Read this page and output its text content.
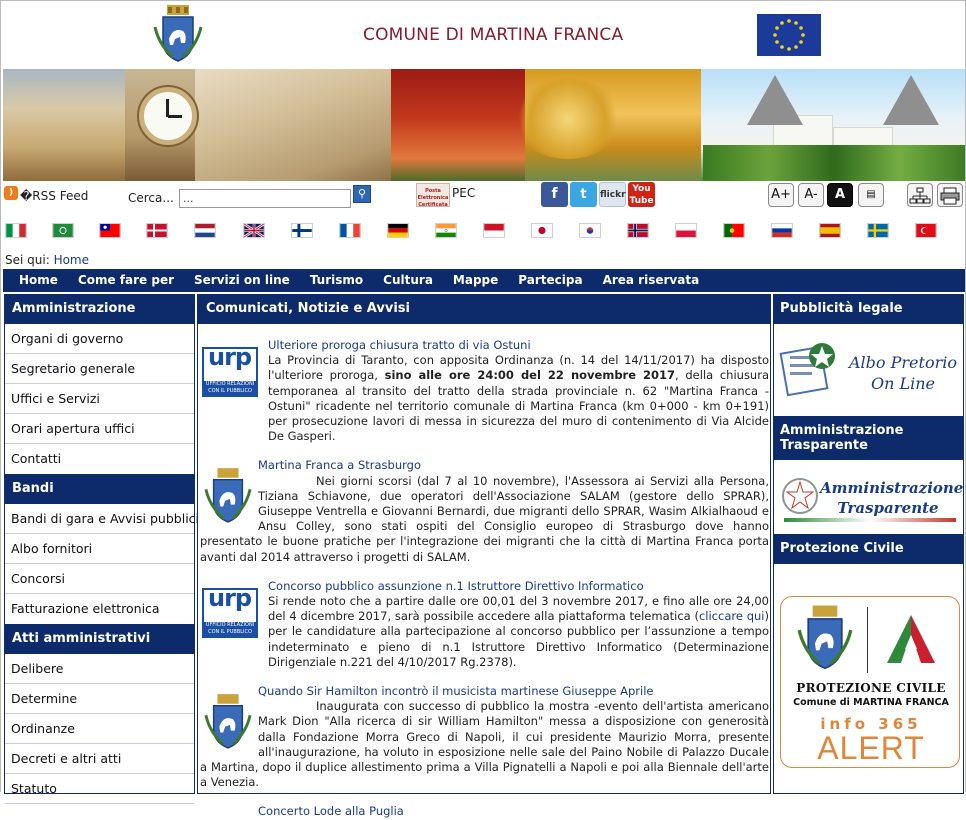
COMUNE DI MARTINA FRANCA
) �RSS Feed	Cerca...
...	⚲	Posta Elettronica Certificata
PEC	f	t	flickr
You Tube	A+	A-	A	▤
Sei qui: Home
Home	Come fare per	Servizi on line	Turismo	Cultura	Mappe	Partecipa	Area riservata
Amministrazione
Organi di governo
Segretario generale
Uffici e Servizi
Orari apertura uffici
Contatti
Bandi
Bandi di gara e Avvisi pubblici
Albo fornitori
Concorsi
Fatturazione elettronica
Atti amministrativi
Delibere
Determine
Ordinanze
Decreti e altri atti
Statuto
Comunicati, Notizie e Avvisi
urp
UFFICIO RELAZIONI CON IL PUBBLICO
Ulteriore proroga chiusura tratto di via Ostuni
La Provincia di Taranto, con apposita Ordinanza (n. 14 del 14/11/2017) ha disposto l'ulteriore proroga, sino alle ore 24:00 del 22 novembre 2017, della chiusura temporanea al transito del tratto della strada provinciale n. 62 "Martina Franca - Ostuni" ricadente nel territorio comunale di Martina Franca (km 0+000 - km 0+191) per prosecuzione lavori di messa in sicurezza del muro di contenimento di Via Alcide De Gasperi.
Martina Franca a Strasburgo
Nei giorni scorsi (dal 7 al 10 novembre), l'Assessora ai Servizi alla Persona, Tiziana Schiavone, due operatori dell'Associazione SALAM (gestore dello SPRAR), Giuseppe Ventrella e Giovanni Bernardi, due migranti dello SPRAR, Wasim Alkialhaoud e Ansu Colley, sono stati ospiti del Consiglio europeo di Strasburgo dove hanno presentato le buone pratiche per l'integrazione dei migranti che la città di Martina Franca porta avanti dal 2014 attraverso i progetti di SALAM.
urp
UFFICIO RELAZIONI CON IL PUBBLICO
Concorso pubblico assunzione n.1 Istruttore Direttivo Informatico
Si rende noto che a partire dalle ore 00,01 del 3 novembre 2017, e fino alle ore 24,00 del 4 dicembre 2017, sarà possibile accedere alla piattaforma telematica (cliccare qui) per le candidature alla partecipazione al concorso pubblico per l’assunzione a tempo indeterminato e pieno di n.1 Istruttore Direttivo Informatico (Determinazione Dirigenziale n.221 del 4/10/2017 Rg.2378).
Quando Sir Hamilton incontrò il musicista martinese Giuseppe Aprile
Inaugurata con successo di pubblico la mostra -evento dell'artista americano Mark Dion "Alla ricerca di sir William Hamilton" messa a disposizione con generosità dalla Fondazione Morra Greco di Napoli, il cui presidente Maurizio Morra, presente all'inaugurazione, ha voluto in esposizione nelle sale del Paino Nobile di Palazzo Ducale a Martina, dopo il duplice allestimento prima a Villa Pignatelli a Napoli e poi alla Biennale dell'arte a Venezia.
Concerto Lode alla Puglia
Pubblicità legale
Albo Pretorio On Line
Amministrazione Trasparente
Amministrazione Trasparente
Protezione Civile
PROTEZIONE CIVILE
Comune di MARTINA FRANCA
info 365
ALERT
